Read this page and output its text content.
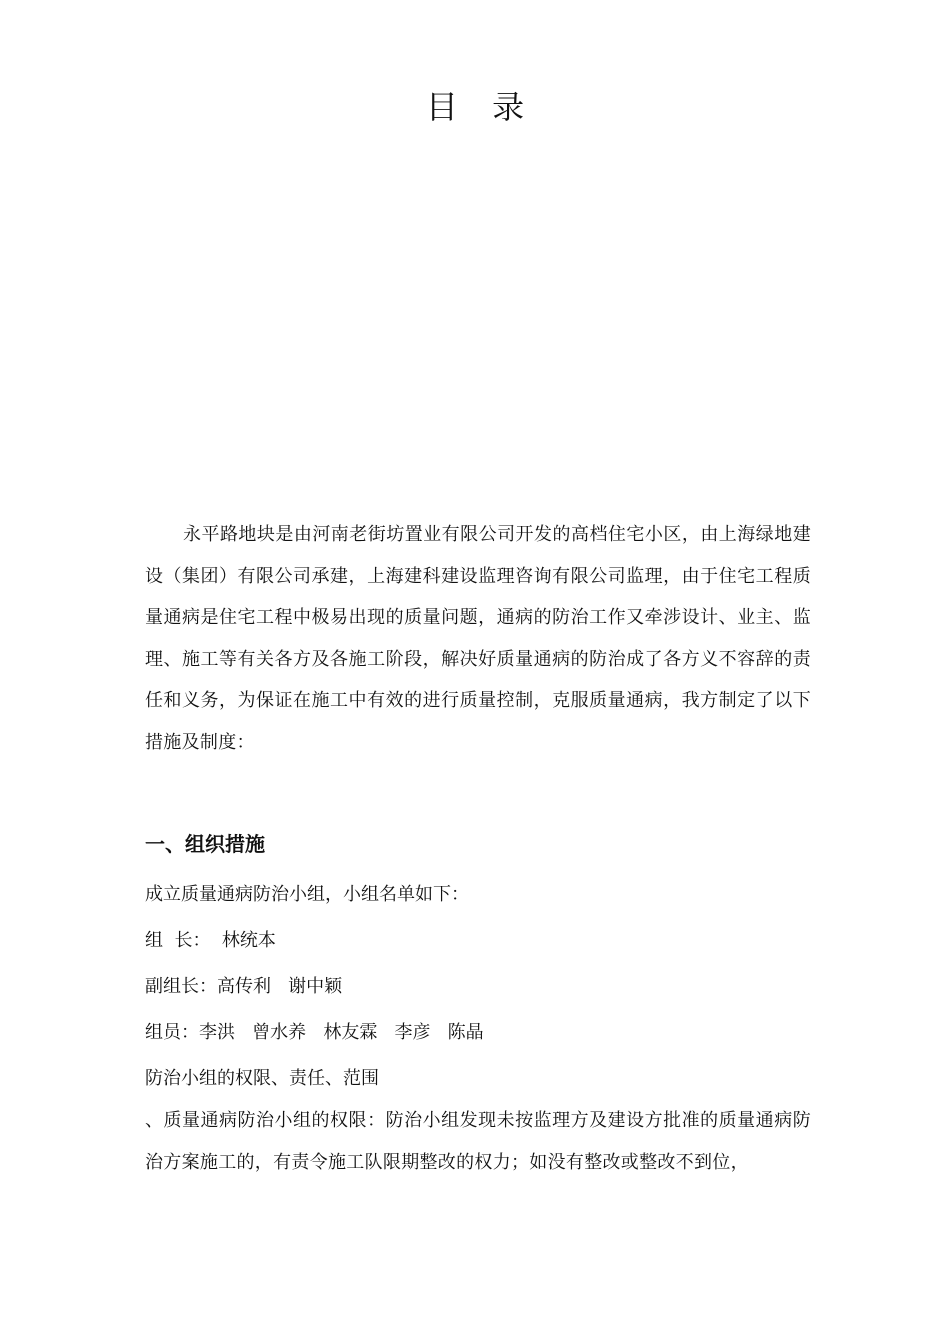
目 录

永平路地块是由河南老街坊置业有限公司开发的高档住宅小区，由上海绿地建设（集团）有限公司承建，上海建科建设监理咨询有限公司监理，由于住宅工程质量通病是住宅工程中极易出现的质量问题，通病的防治工作又牵涉设计、业主、监理、施工等有关各方及各施工阶段，解决好质量通病的防治成了各方义不容辞的责任和义务，为保证在施工中有效的进行质量控制，克服质量通病，我方制定了以下措施及制度：

一、组织措施

成立质量通病防治小组，小组名单如下：

组  长：  林统本

副组长：高传利   谢中颖

组员：李洪   曾水养   林友霖   李彦   陈晶

防治小组的权限、责任、范围

、质量通病防治小组的权限：防治小组发现未按监理方及建设方批准的质量通病防治方案施工的，有责令施工队限期整改的权力；如没有整改或整改不到位，
